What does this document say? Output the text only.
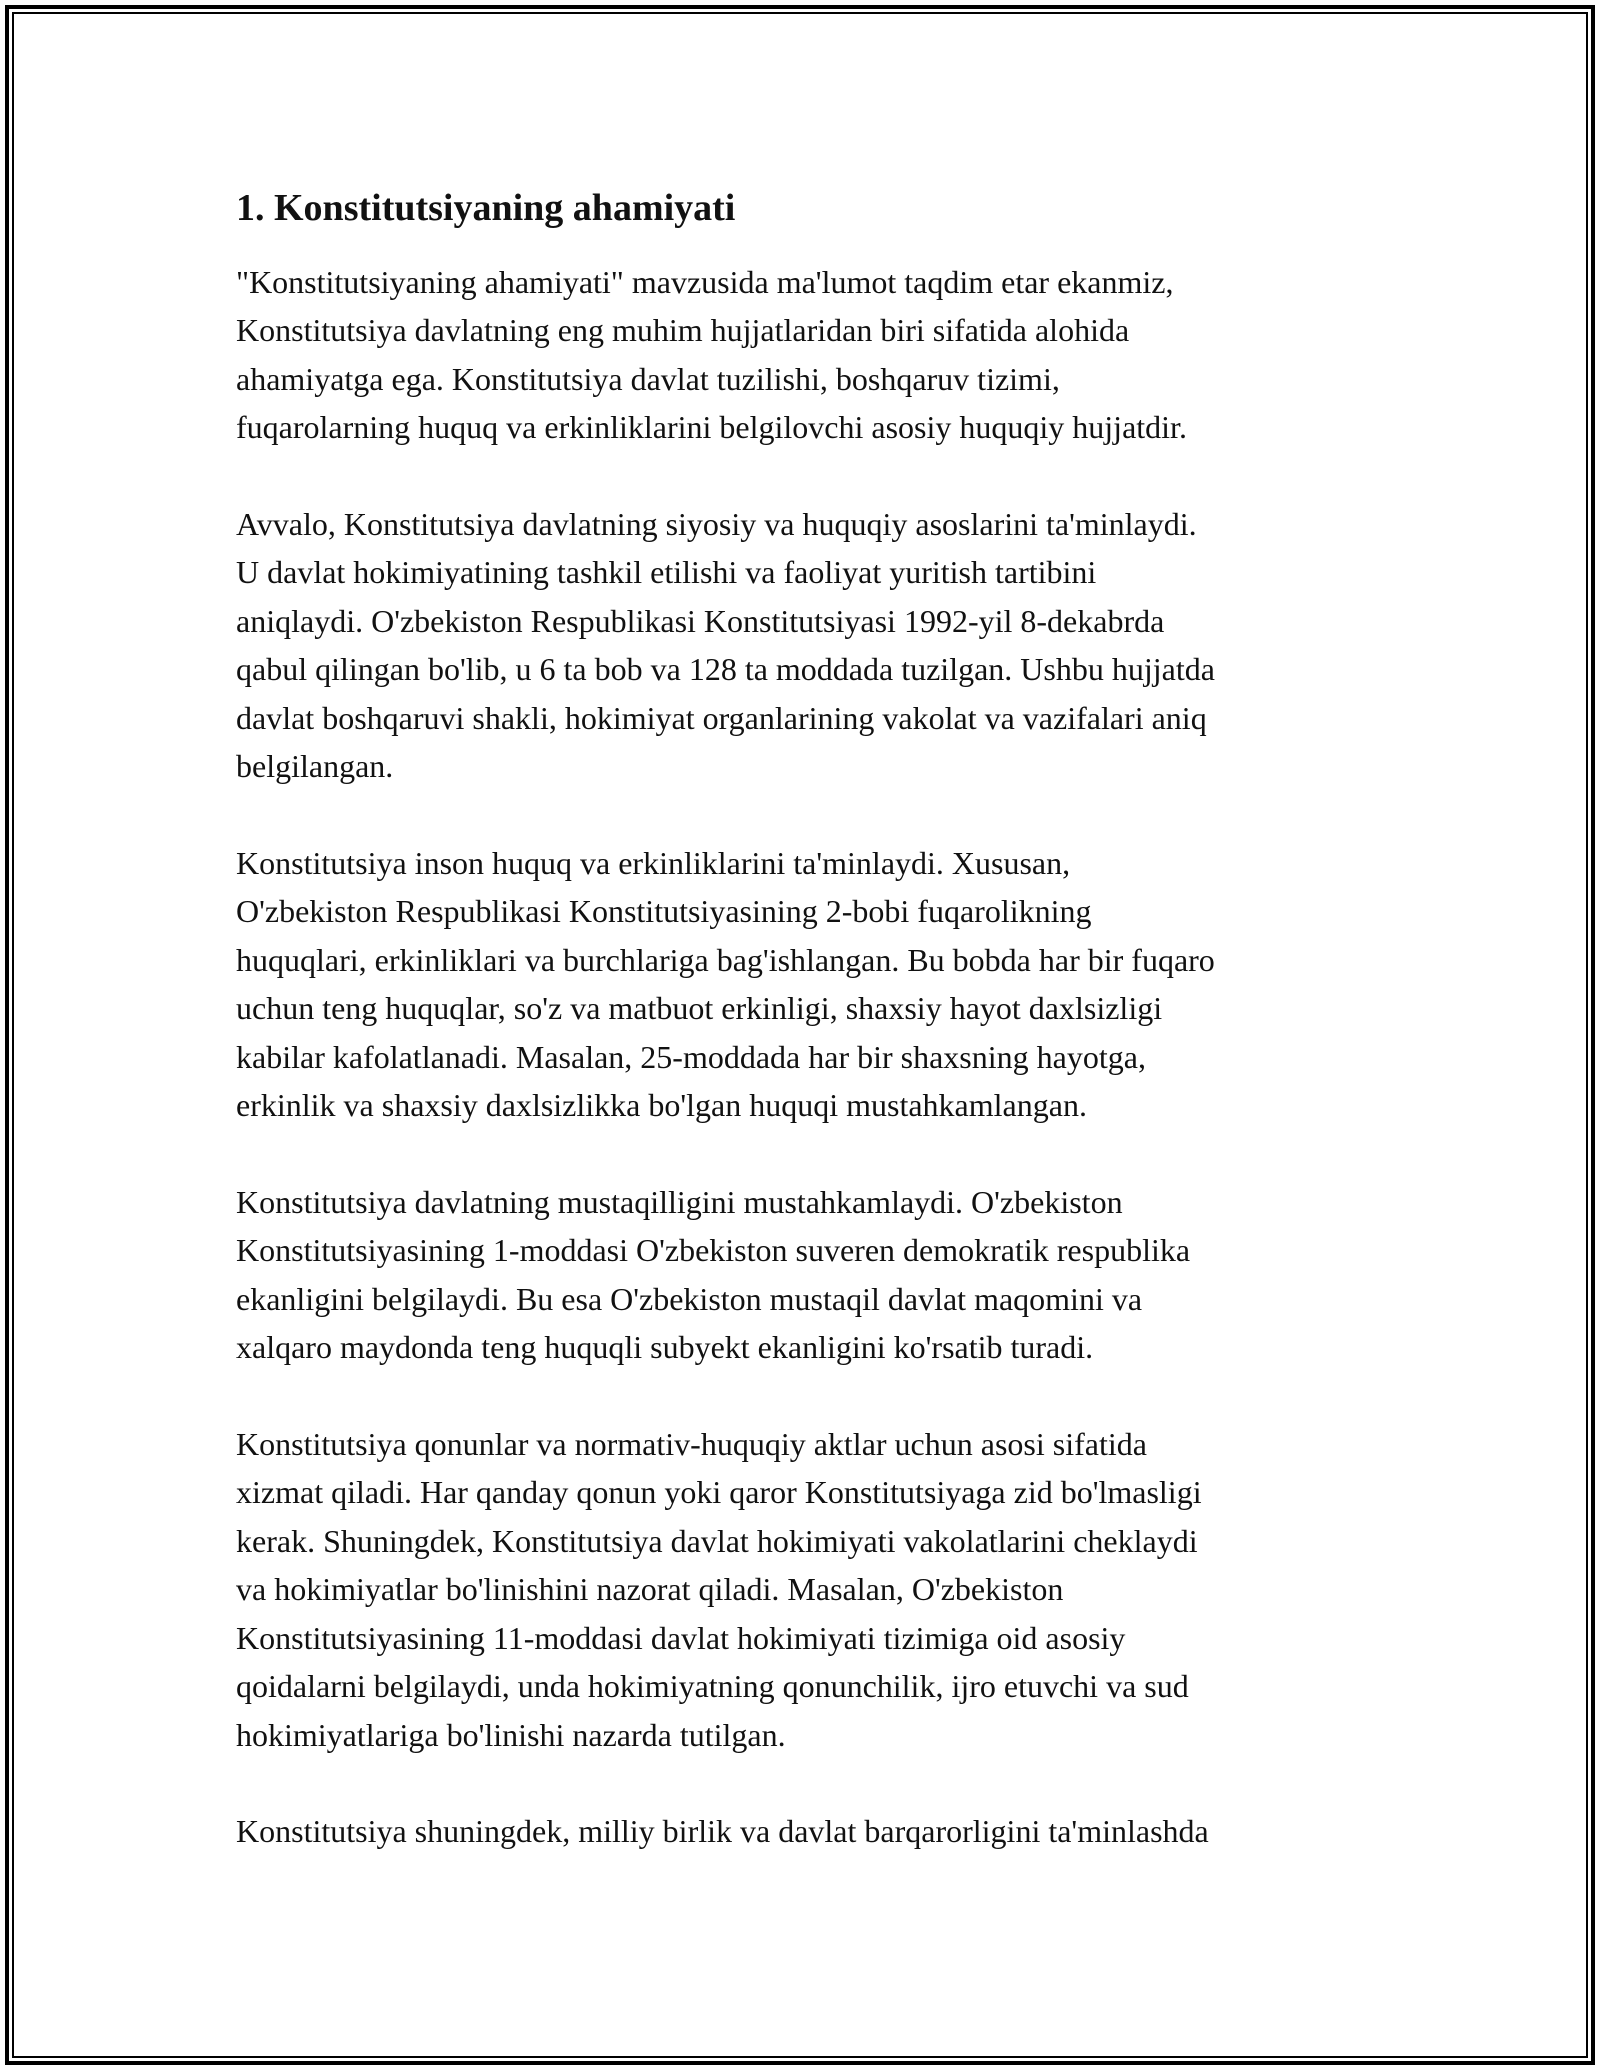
1. Konstitutsiyaning ahamiyati

"Konstitutsiyaning ahamiyati" mavzusida ma'lumot taqdim etar ekanmiz,
Konstitutsiya davlatning eng muhim hujjatlaridan biri sifatida alohida
ahamiyatga ega. Konstitutsiya davlat tuzilishi, boshqaruv tizimi,
fuqarolarning huquq va erkinliklarini belgilovchi asosiy huquqiy hujjatdir.

Avvalo, Konstitutsiya davlatning siyosiy va huquqiy asoslarini ta'minlaydi.
U davlat hokimiyatining tashkil etilishi va faoliyat yuritish tartibini
aniqlaydi. O'zbekiston Respublikasi Konstitutsiyasi 1992-yil 8-dekabrda
qabul qilingan bo'lib, u 6 ta bob va 128 ta moddada tuzilgan. Ushbu hujjatda
davlat boshqaruvi shakli, hokimiyat organlarining vakolat va vazifalari aniq
belgilangan.

Konstitutsiya inson huquq va erkinliklarini ta'minlaydi. Xususan,
O'zbekiston Respublikasi Konstitutsiyasining 2-bobi fuqarolikning
huquqlari, erkinliklari va burchlariga bag'ishlangan. Bu bobda har bir fuqaro
uchun teng huquqlar, so'z va matbuot erkinligi, shaxsiy hayot daxlsizligi
kabilar kafolatlanadi. Masalan, 25-moddada har bir shaxsning hayotga,
erkinlik va shaxsiy daxlsizlikka bo'lgan huquqi mustahkamlangan.

Konstitutsiya davlatning mustaqilligini mustahkamlaydi. O'zbekiston
Konstitutsiyasining 1-moddasi O'zbekiston suveren demokratik respublika
ekanligini belgilaydi. Bu esa O'zbekiston mustaqil davlat maqomini va
xalqaro maydonda teng huquqli subyekt ekanligini ko'rsatib turadi.

Konstitutsiya qonunlar va normativ-huquqiy aktlar uchun asosi sifatida
xizmat qiladi. Har qanday qonun yoki qaror Konstitutsiyaga zid bo'lmasligi
kerak. Shuningdek, Konstitutsiya davlat hokimiyati vakolatlarini cheklaydi
va hokimiyatlar bo'linishini nazorat qiladi. Masalan, O'zbekiston
Konstitutsiyasining 11-moddasi davlat hokimiyati tizimiga oid asosiy
qoidalarni belgilaydi, unda hokimiyatning qonunchilik, ijro etuvchi va sud
hokimiyatlariga bo'linishi nazarda tutilgan.

Konstitutsiya shuningdek, milliy birlik va davlat barqarorligini ta'minlashda
